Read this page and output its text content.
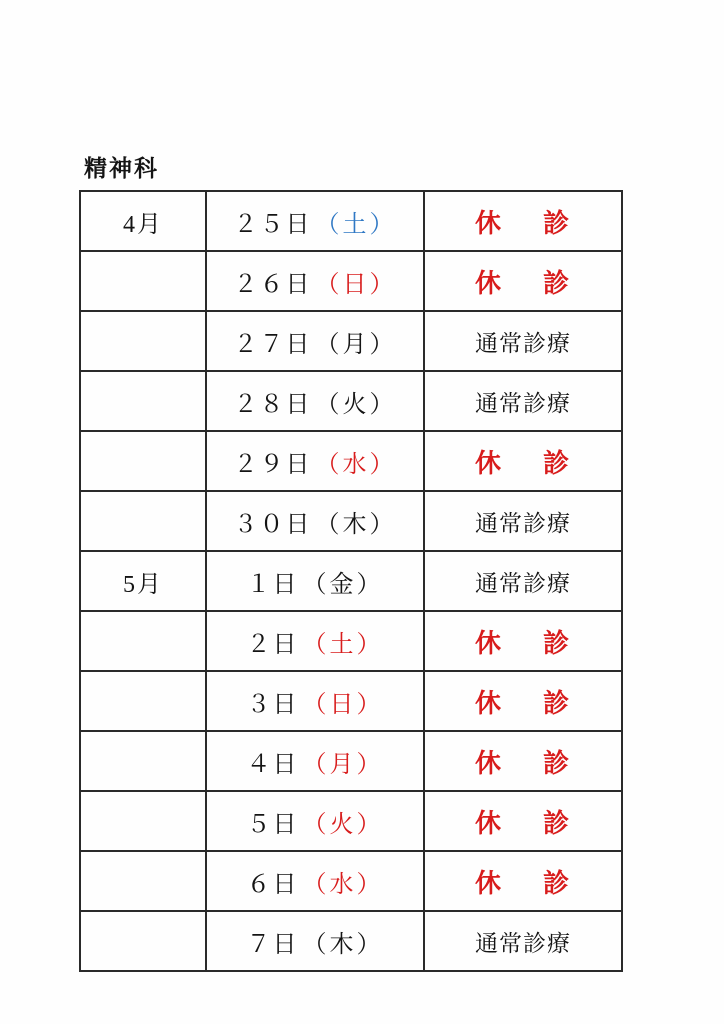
精神科
4月	２５日 （土）	休　診
	２６日 （日）	休　診
	２７日 （月）	通常診療
	２８日 （火）	通常診療
	２９日 （水）	休　診
	３０日 （木）	通常診療
5月	１日 （金）	通常診療
	２日 （土）	休　診
	３日 （日）	休　診
	４日 （月）	休　診
	５日 （火）	休　診
	６日 （水）	休　診
	７日 （木）	通常診療
